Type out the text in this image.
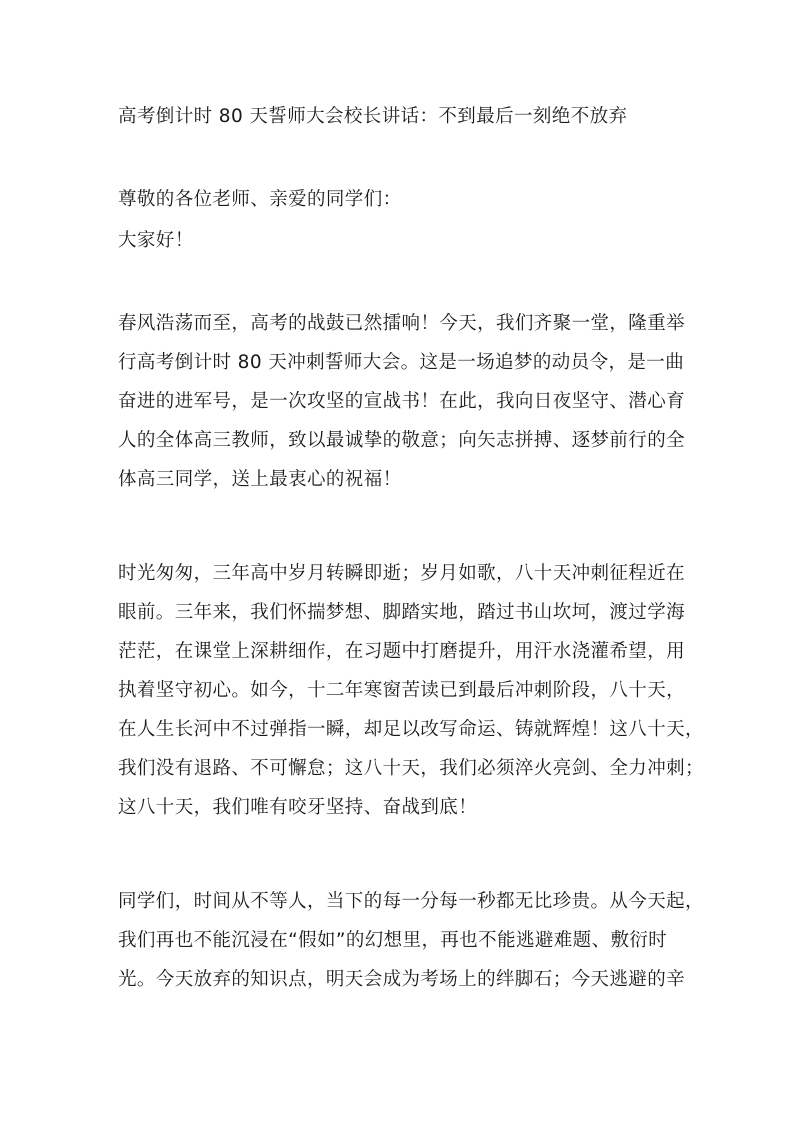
高考倒计时 80 天誓师大会校长讲话：不到最后一刻绝不放弃
尊敬的各位老师、亲爱的同学们：
大家好！
春风浩荡而至，高考的战鼓已然擂响！今天，我们齐聚一堂，隆重举
行高考倒计时 80 天冲刺誓师大会。这是一场追梦的动员令，是一曲
奋进的进军号，是一次攻坚的宣战书！在此，我向日夜坚守、潜心育
人的全体高三教师，致以最诚挚的敬意；向矢志拼搏、逐梦前行的全
体高三同学，送上最衷心的祝福！
时光匆匆，三年高中岁月转瞬即逝；岁月如歌，八十天冲刺征程近在
眼前。三年来，我们怀揣梦想、脚踏实地，踏过书山坎坷，渡过学海
茫茫，在课堂上深耕细作，在习题中打磨提升，用汗水浇灌希望，用
执着坚守初心。如今，十二年寒窗苦读已到最后冲刺阶段，八十天，
在人生长河中不过弹指一瞬，却足以改写命运、铸就辉煌！这八十天，
我们没有退路、不可懈怠；这八十天，我们必须淬火亮剑、全力冲刺；
这八十天，我们唯有咬牙坚持、奋战到底！
同学们，时间从不等人，当下的每一分每一秒都无比珍贵。从今天起，
我们再也不能沉浸在“假如”的幻想里，再也不能逃避难题、敷衍时
光。今天放弃的知识点，明天会成为考场上的绊脚石；今天逃避的辛
